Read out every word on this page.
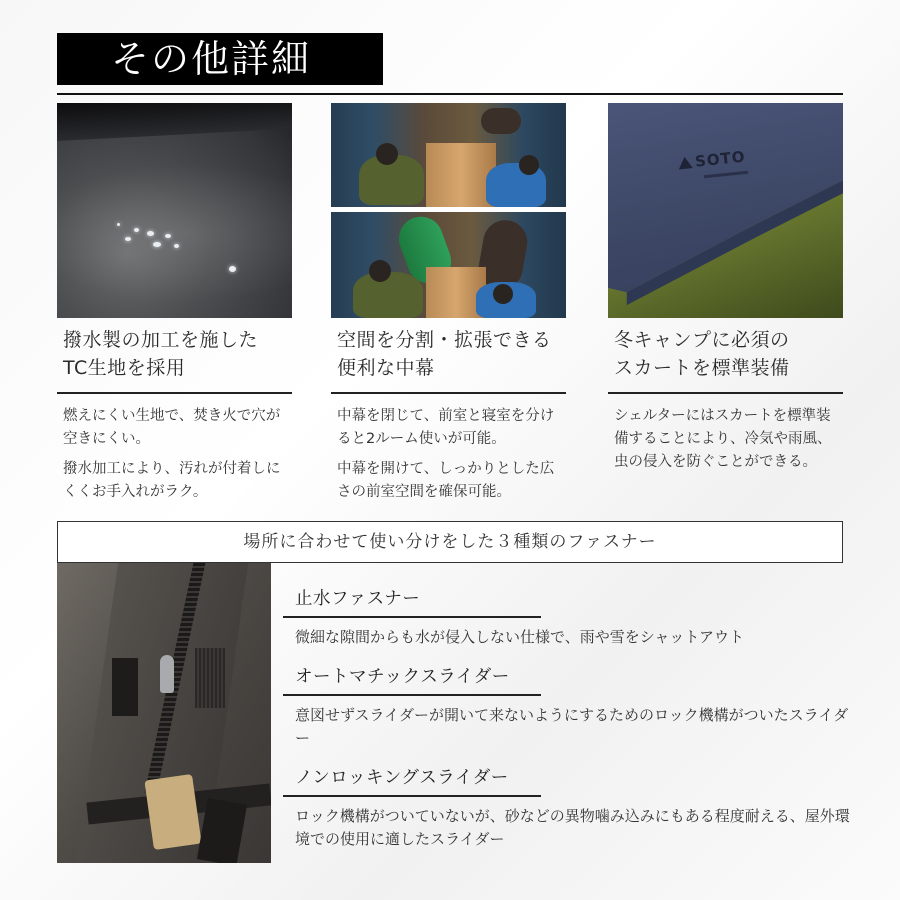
その他詳細
撥水製の加工を施した
TC生地を採用

燃えにくい生地で、焚き火で穴が空きにくい。

撥水加工により、汚れが付着しにくくお手入れがラク。

空間を分割・拡張できる
便利な中幕

中幕を閉じて、前室と寝室を分けると2ルーム使いが可能。

中幕を開けて、しっかりとした広さの前室空間を確保可能。

SOTO
冬キャンプに必須の
スカートを標準装備

シェルターにはスカートを標準装備することにより、冷気や雨風、虫の侵入を防ぐことができる。

場所に合わせて使い分けをした３種類のファスナー
止水ファスナー

微細な隙間からも水が侵入しない仕様で、雨や雪をシャットアウト

オートマチックスライダー

意図せずスライダーが開いて来ないようにするためのロック機構がついたスライダー

ノンロッキングスライダー

ロック機構がついていないが、砂などの異物噛み込みにもある程度耐える、屋外環境での使用に適したスライダー
